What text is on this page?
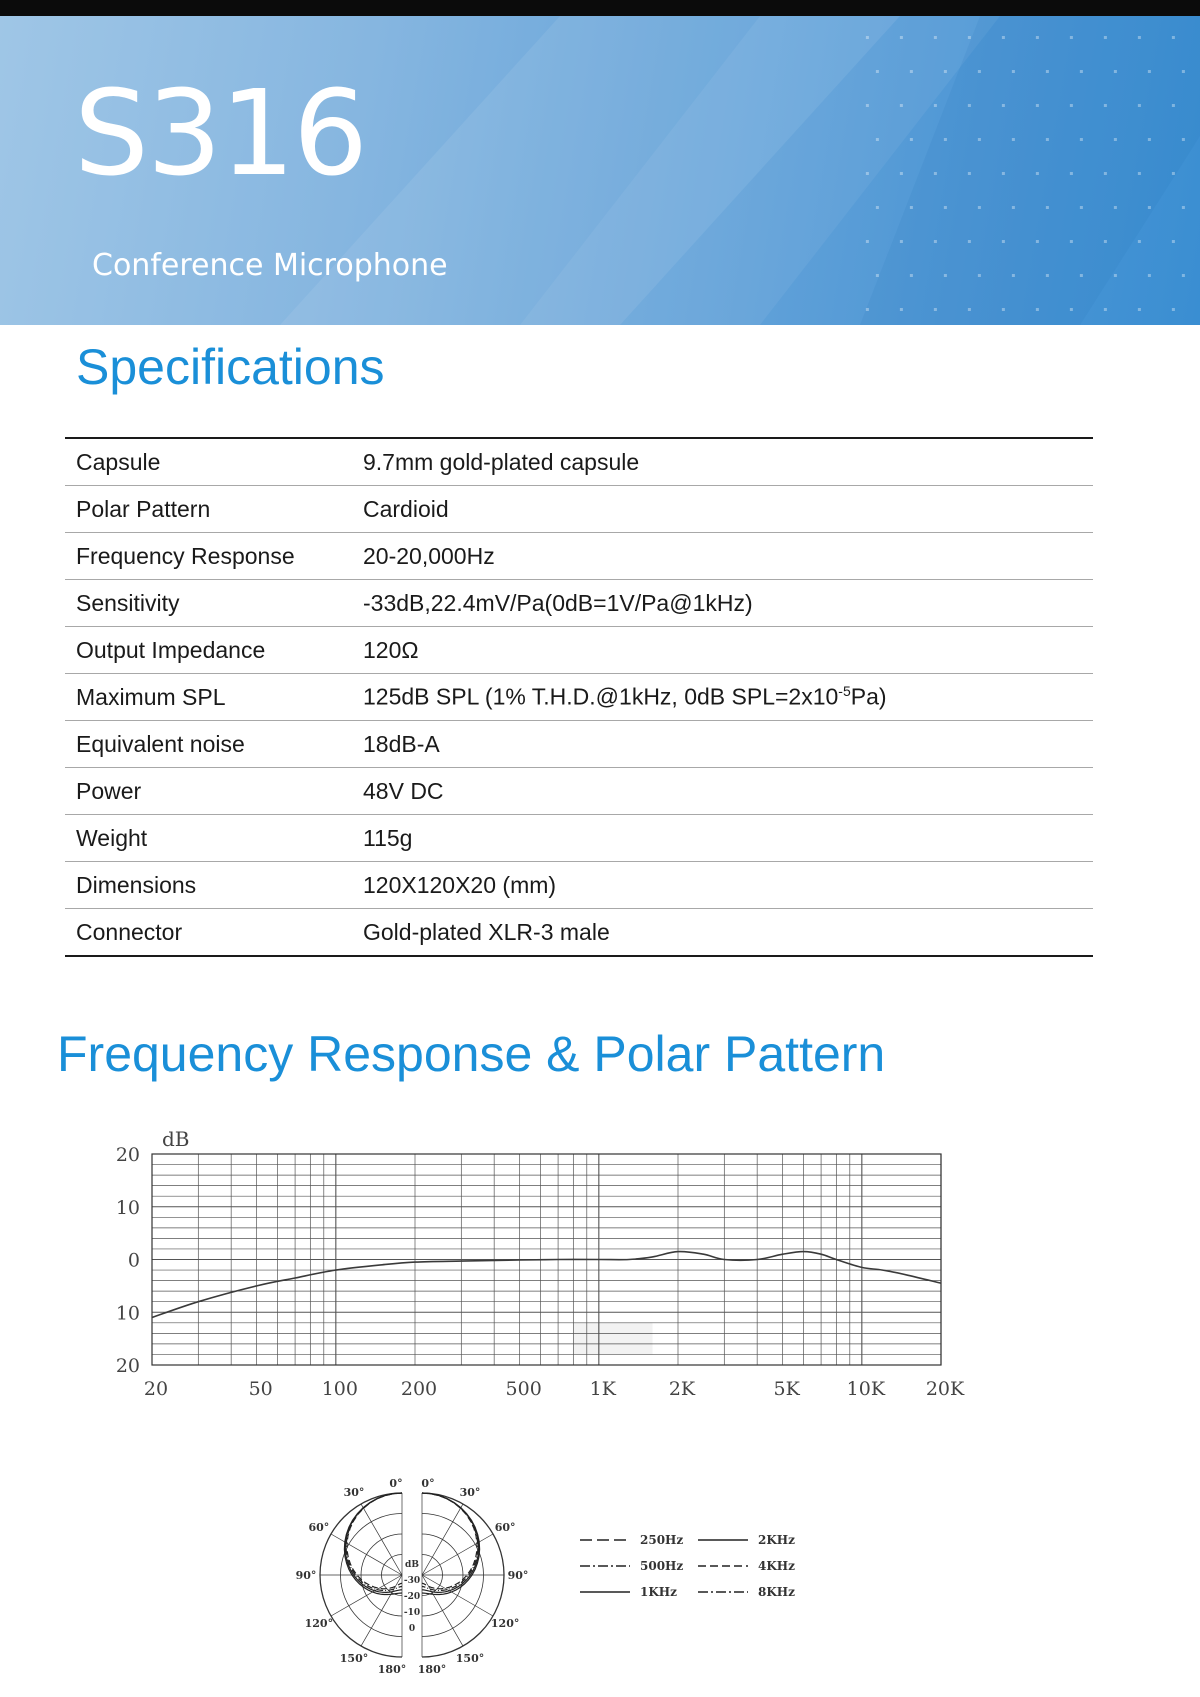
S316
Conference Microphone
Specifications
Capsule	9.7mm gold-plated capsule
Polar Pattern	Cardioid
Frequency Response	20-20,000Hz
Sensitivity	-33dB,22.4mV/Pa(0dB=1V/Pa@1kHz)
Output Impedance	120Ω
Maximum SPL	125dB SPL (1% T.H.D.@1kHz, 0dB $SPL=2x10^{-5}Pa$)
Equivalent noise	18dB-A
Power	48V DC
Weight	115g
Dimensions	120X120X20 (mm)
Connector	Gold-plated XLR-3 male
Frequency Response & Polar Pattern
dB
20
10
0
10
20
20	50	100 200	500	1K	2K	5K 10K 20K
0°
30°
60°
90°
120°
150°
180°
0°
30°
60°
90°
120°
150°
180°
dB
-30
-20
-10
0
250Hz
500Hz
1KHz
2KHz
4KHz
8KHz
